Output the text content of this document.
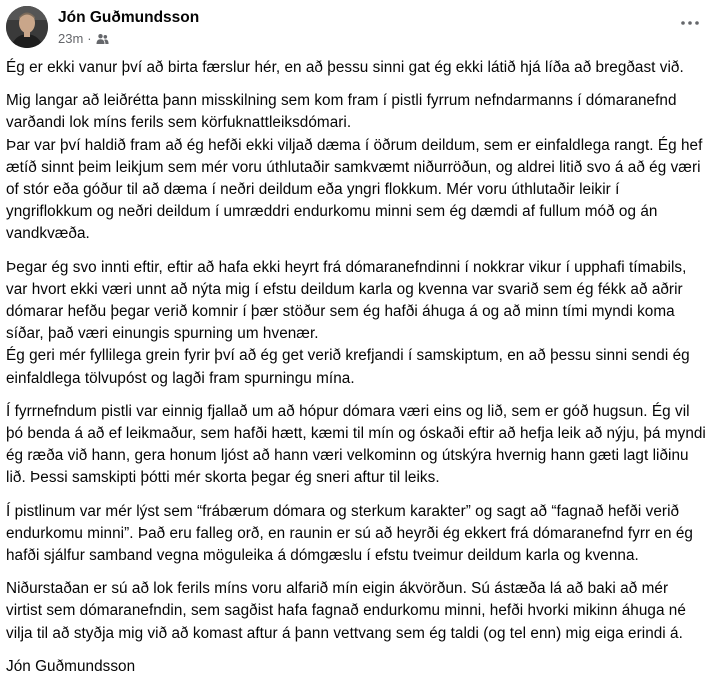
Jón Guðmundsson
23m ·

Ég er ekki vanur því að birta færslur hér, en að þessu sinni gat ég ekki látið hjá líða að bregðast við.

Mig langar að leiðrétta þann misskilning sem kom fram í pistli fyrrum nefndarmanns í dómaranefnd varðandi lok míns ferils sem körfuknattleiksdómari.
Þar var því haldið fram að ég hefði ekki viljað dæma í öðrum deildum, sem er einfaldlega rangt. Ég hef ætíð sinnt þeim leikjum sem mér voru úthlutaðir samkvæmt niðurröðun, og aldrei litið svo á að ég væri of stór eða góður til að dæma í neðri deildum eða yngri flokkum. Mér voru úthlutaðir leikir í yngriflokkum og neðri deildum í umræddri endurkomu minni sem ég dæmdi af fullum móð og án vandkvæða.

Þegar ég svo innti eftir, eftir að hafa ekki heyrt frá dómaranefndinni í nokkrar vikur í upphafi tímabils, var hvort ekki væri unnt að nýta mig í efstu deildum karla og kvenna var svarið sem ég fékk að aðrir dómarar hefðu þegar verið komnir í þær stöður sem ég hafði áhuga á og að minn tími myndi koma síðar, það væri einungis spurning um hvenær.
Ég geri mér fyllilega grein fyrir því að ég get verið krefjandi í samskiptum, en að þessu sinni sendi ég einfaldlega tölvupóst og lagði fram spurningu mína.

Í fyrrnefndum pistli var einnig fjallað um að hópur dómara væri eins og lið, sem er góð hugsun. Ég vil þó benda á að ef leikmaður, sem hafði hætt, kæmi til mín og óskaði eftir að hefja leik að nýju, þá myndi ég ræða við hann, gera honum ljóst að hann væri velkominn og útskýra hvernig hann gæti lagt liðinu lið. Þessi samskipti þótti mér skorta þegar ég sneri aftur til leiks.

Í pistlinum var mér lýst sem “frábærum dómara og sterkum karakter” og sagt að “fagnað hefði verið endurkomu minni”. Það eru falleg orð, en raunin er sú að heyrði ég ekkert frá dómaranefnd fyrr en ég hafði sjálfur samband vegna möguleika á dómgæslu í efstu tveimur deildum karla og kvenna.

Niðurstaðan er sú að lok ferils míns voru alfarið mín eigin ákvörðun. Sú ástæða lá að baki að mér virtist sem dómaranefndin, sem sagðist hafa fagnað endurkomu minni, hefði hvorki mikinn áhuga né vilja til að styðja mig við að komast aftur á þann vettvang sem ég taldi (og tel enn) mig eiga erindi á.

Jón Guðmundsson
